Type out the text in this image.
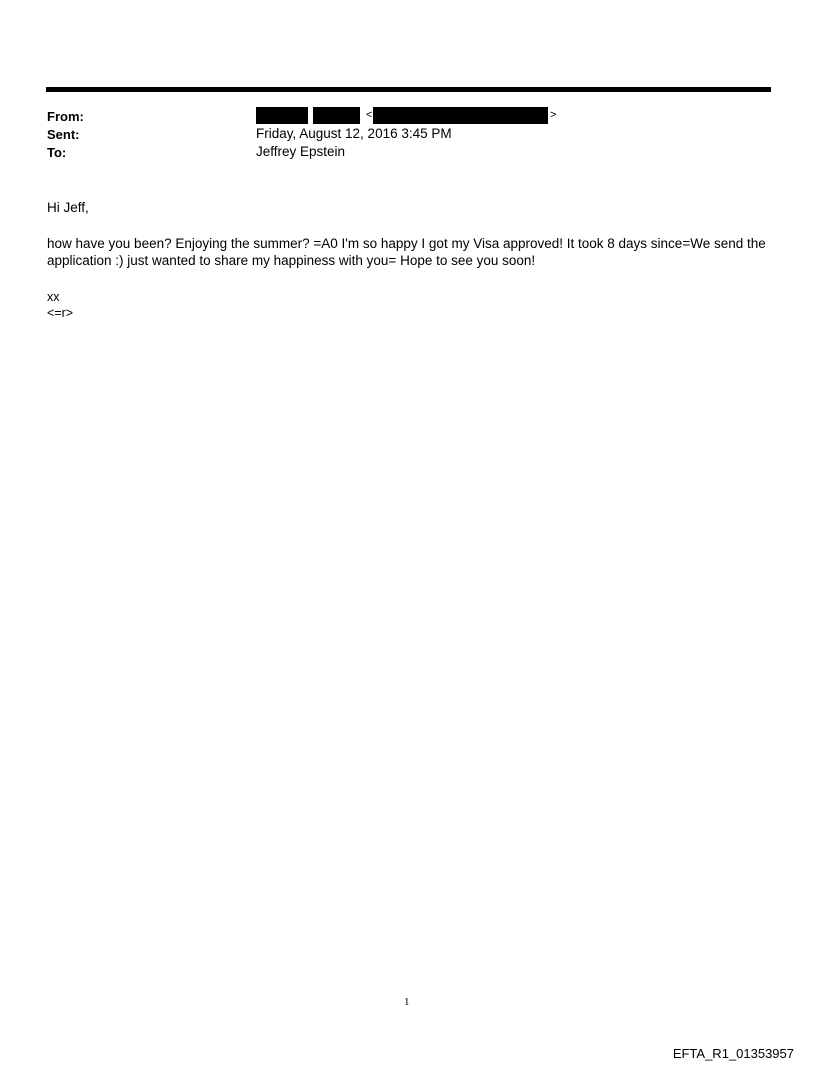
From:
Sent:
To:
<	>
Friday, August 12, 2016 3:45 PM
Jeffrey Epstein
Hi Jeff,
how have you been? Enjoying the summer? =A0 I'm so happy I got my Visa approved! It took 8 days since=We send the
application :) just wanted to share my happiness with you= Hope to see you soon!
xx
<=r>
1
EFTA_R1_01353957
